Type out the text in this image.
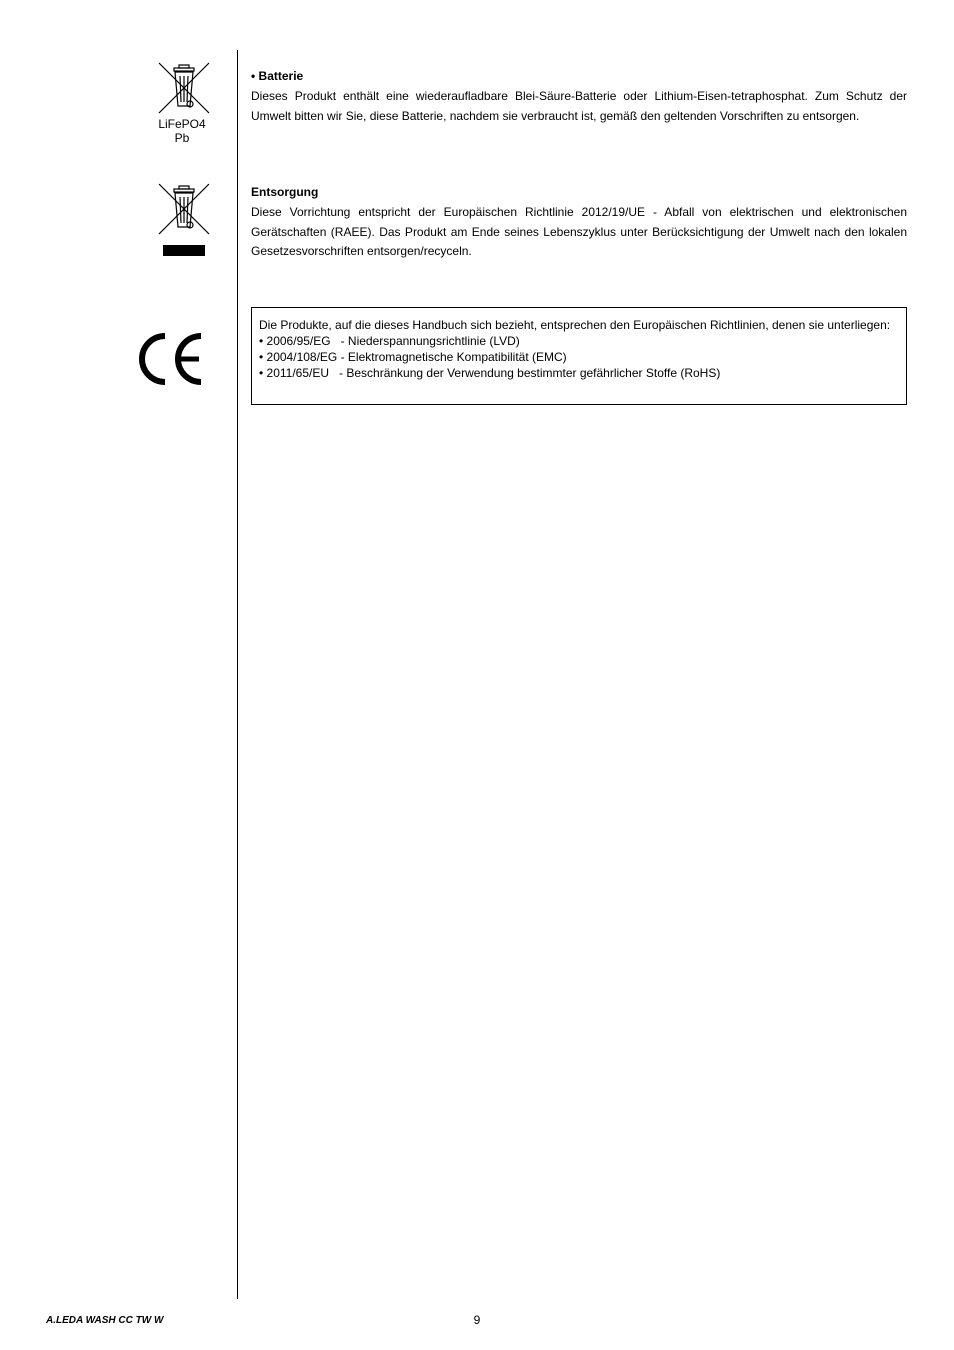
LiFePO4
Pb
• Batterie

Dieses Produkt enthält eine wiederaufladbare Blei-Säure-Batterie oder Lithium-Eisen-tetraphosphat. Zum Schutz der Umwelt bitten wir Sie, diese Batterie, nachdem sie verbraucht ist, gemäß den geltenden Vorschriften zu entsorgen.

Entsorgung

Diese Vorrichtung entspricht der Europäischen Richtlinie 2012/19/UE - Abfall von elektrischen und elektronischen Gerätschaften (RAEE). Das Produkt am Ende seines Lebenszyklus unter Berücksichtigung der Umwelt nach den lokalen Gesetzesvorschriften entsorgen/recyceln.

Die Produkte, auf die dieses Handbuch sich bezieht, entsprechen den Europäischen Richtlinien, denen sie unterliegen:
• 2006/95/EG   - Niederspannungsrichtlinie (LVD)
• 2004/108/EG - Elektromagnetische Kompatibilität (EMC)
• 2011/65/EU   - Beschränkung der Verwendung bestimmter gefährlicher Stoffe (RoHS)
A.LEDA WASH CC TW W	9
